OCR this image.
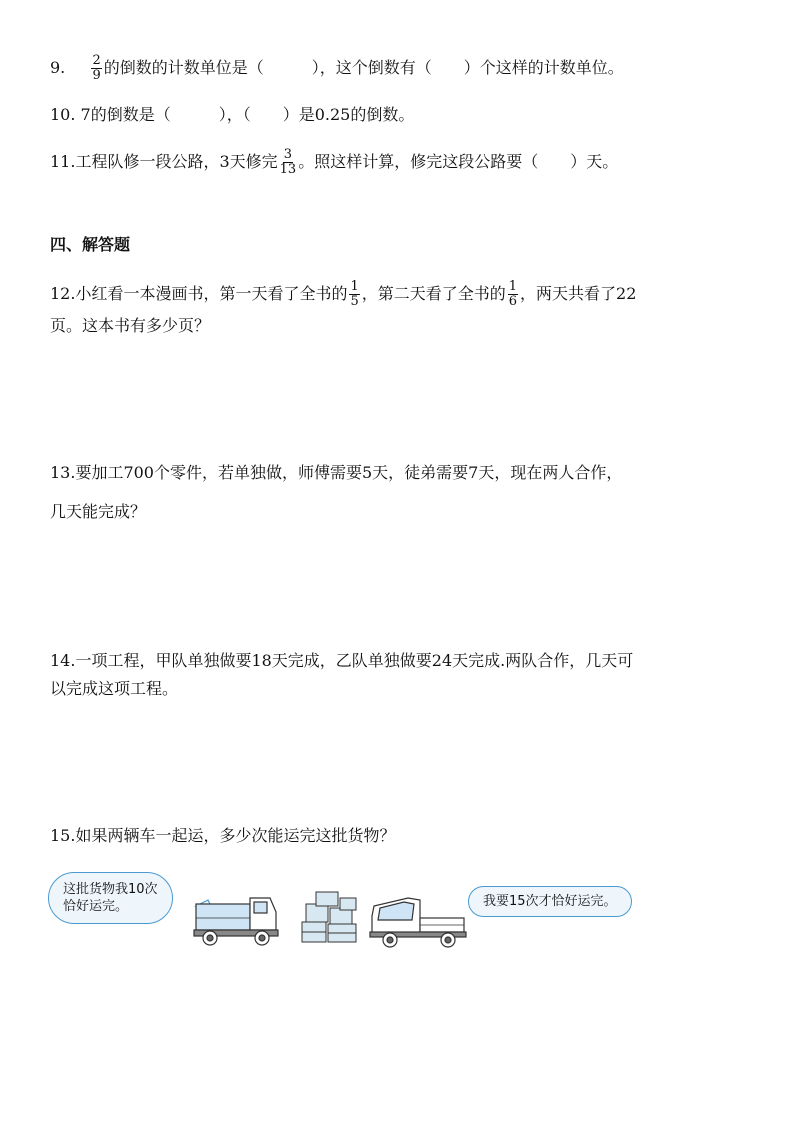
9. $\frac{2}{9}$ 的倒数的计数单位是（　　　），这个倒数有（　　）个这样的计数单位。
10. 7的倒数是（　　　），（　　）是0.25的倒数。
11.工程队修一段公路，3天修完 $\frac{3}{13}$ 。照这样计算，修完这段公路要（　　）天。
四、解答题
12.小红看一本漫画书，第一天看了全书的 $\frac{1}{5}$ ，第二天看了全书的 $\frac{1}{6}$ ，两天共看了22
页。这本书有多少页？
13.要加工700个零件，若单独做，师傅需要5天，徒弟需要7天，现在两人合作，
几天能完成？
14.一项工程，甲队单独做要18天完成，乙队单独做要24天完成.两队合作，几天可
以完成这项工程。
15.如果两辆车一起运，多少次能运完这批货物？
这批货物我10次
恰好运完。	我要15次才恰好运完。
